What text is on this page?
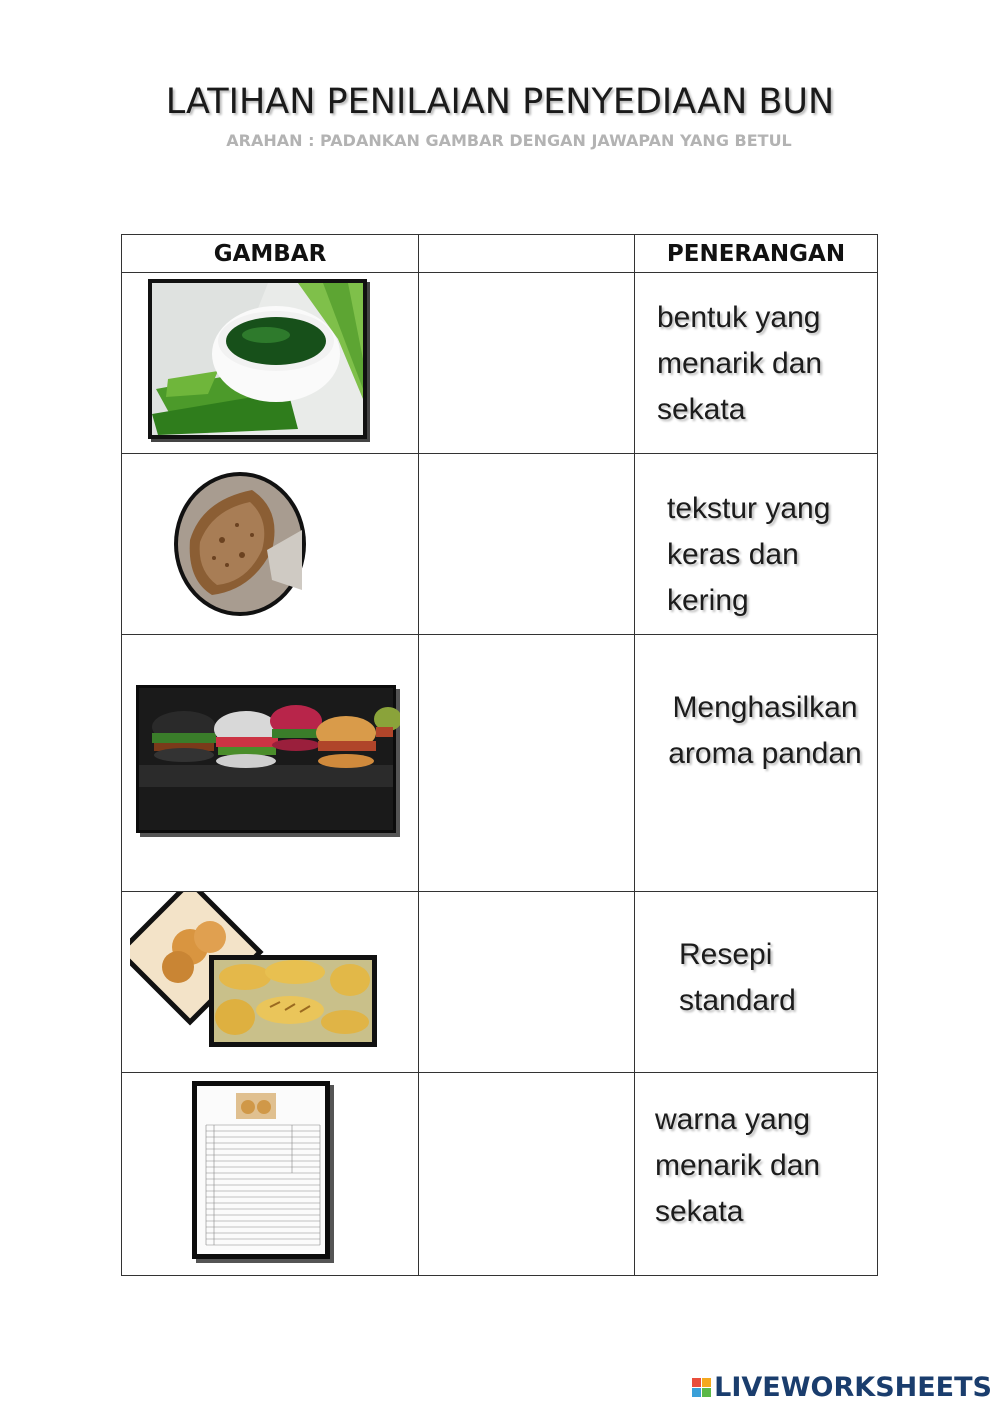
LATIHAN PENILAIAN PENYEDIAAN BUN
ARAHAN : PADANKAN GAMBAR DENGAN JAWAPAN YANG BETUL
GAMBAR		PENERANGAN

bentuk yang
menarik dan
sekata

tekstur yang
keras dan
kering

Menghasilkan
aroma pandan

Resepi
standard

warna yang
menarik dan
sekata
LIVEWORKSHEETS
